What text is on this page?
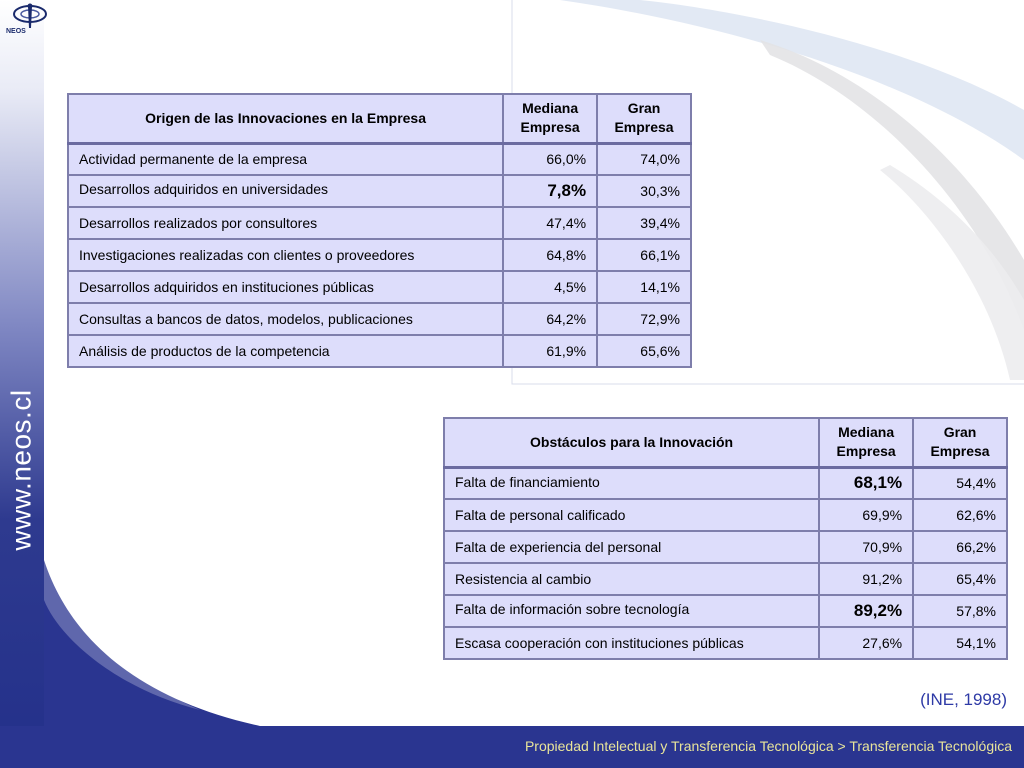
www.neos.cl
NEOS
Origen de las Innovaciones en la Empresa	Mediana Empresa	Gran Empresa
Actividad permanente de la empresa	66,0%	74,0%
Desarrollos adquiridos en universidades	7,8%	30,3%
Desarrollos realizados por consultores	47,4%	39,4%
Investigaciones realizadas con clientes o proveedores	64,8%	66,1%
Desarrollos adquiridos en instituciones públicas	4,5%	14,1%
Consultas a bancos de datos, modelos, publicaciones	64,2%	72,9%
Análisis de productos de la competencia	61,9%	65,6%
Obstáculos para la Innovación	Mediana Empresa	Gran Empresa
Falta de financiamiento	68,1%	54,4%
Falta de personal calificado	69,9%	62,6%
Falta de experiencia del personal	70,9%	66,2%
Resistencia al cambio	91,2%	65,4%
Falta de información sobre tecnología	89,2%	57,8%
Escasa cooperación con instituciones públicas	27,6%	54,1%
(INE, 1998)
Propiedad Intelectual y Transferencia Tecnológica > Transferencia Tecnológica
